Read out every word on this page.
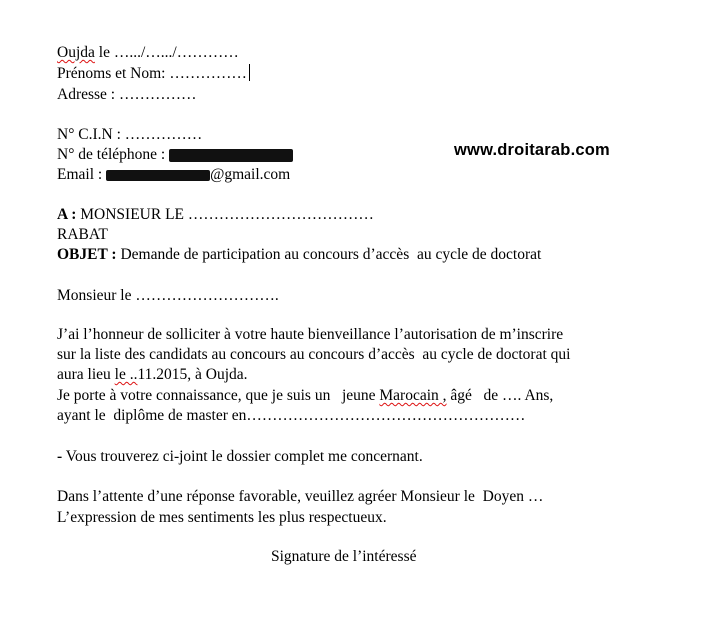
Oujda le ….../….../…………
Prénoms et Nom: ……………
Adresse : ……………
N° C.I.N : ……………
N° de téléphone :
Email :	@gmail.com
www.droitarab.com
A : MONSIEUR LE ………………………………
RABAT
OBJET : Demande de participation au concours d’accès  au cycle de doctorat
Monsieur le ……………………….
J’ai l’honneur de solliciter à votre haute bienveillance l’autorisation de m’inscrire
sur la liste des candidats au concours au concours d’accès  au cycle de doctorat qui
aura lieu le ..11.2015, à Oujda.
Je porte à votre connaissance, que je suis un   jeune Marocain , âgé   de …. Ans,
ayant le  diplôme de master en………………………………………………
- Vous trouverez ci-joint le dossier complet me concernant.
Dans l’attente d’une réponse favorable, veuillez agréer Monsieur le  Doyen …
L’expression de mes sentiments les plus respectueux.
Signature de l’intéressé
